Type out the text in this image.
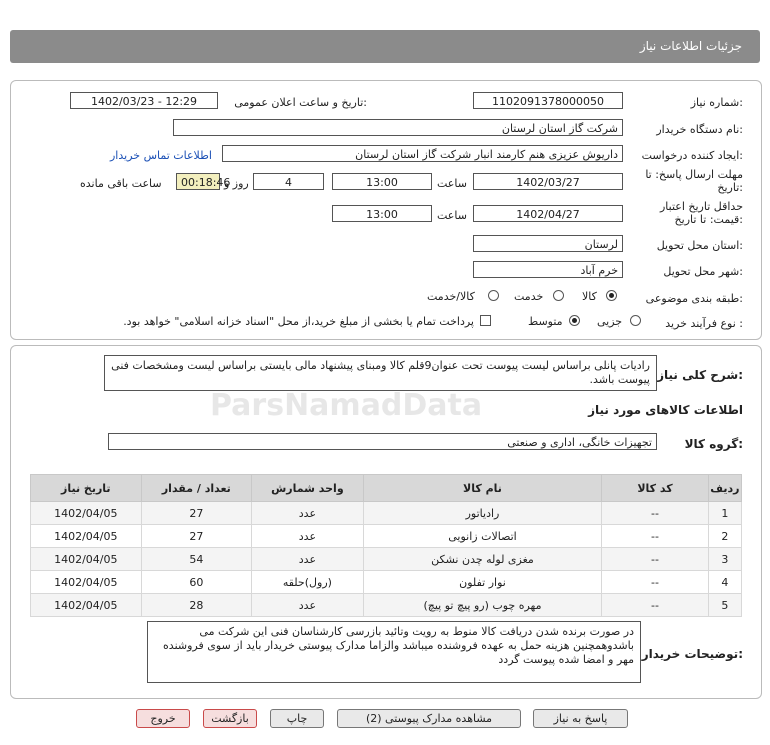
جزئیات اطلاعات نیاز
شماره نیاز:
1102091378000050
تاریخ و ساعت اعلان عمومی:
1402/03/23 - 12:29
نام دستگاه خریدار:
شرکت گاز استان لرستان
ایجاد کننده درخواست:
داریوش عزیزی هنم کارمند انبار شرکت گاز استان لرستان
اطلاعات تماس خریدار
مهلت ارسال پاسخ: تا تاریخ:
1402/03/27
ساعت
13:00
4
روز و
00:18:46
ساعت باقی مانده
حداقل تاریخ اعتبار قیمت: تا تاریخ:
1402/04/27
ساعت
13:00
استان محل تحویل:
لرستان
شهر محل تحویل:
خرم آباد
طبقه بندی موضوعی:
کالا
خدمت
کالا/خدمت
نوع فرآیند خرید :
جزیی
متوسط
پرداخت تمام یا بخشی از مبلغ خرید،از محل "اسناد خزانه اسلامی" خواهد بود.
شرح کلی نیاز:
رادیات پانلی براساس لیست پیوست تحت عنوان9قلم کالا ومبنای پیشنهاد مالی بایستی براساس لیست ومشخصات فنی پیوست باشد.
اطلاعات کالاهای مورد نیاز
ParsNamadData
گروه کالا:
تجهیزات خانگی، اداری و صنعتی
ردیف	کد کالا	نام کالا	واحد شمارش	تعداد / مقدار	تاریخ نیاز
1	--	رادیاتور	عدد	27	1402/04/05
2	--	اتصالات زانویی	عدد	27	1402/04/05
3	--	مغزی لوله چدن نشکن	عدد	54	1402/04/05
4	--	نوار تفلون	(رول)حلقه	60	1402/04/05
5	--	مهره چوب (رو پیچ تو پیچ)	عدد	28	1402/04/05
توضیحات خریدار:
در صورت برنده شدن دریافت کالا منوط به رویت وتائید بازرسی کارشناسان فنی این شرکت می باشدوهمچنین هزینه حمل به عهده فروشنده میباشد والزاما مدارک پیوستی خریدار باید از سوی فروشنده مهر و امضا شده پیوست گردد
پاسخ به نیاز
مشاهده مدارک پیوستی (2)
چاپ
بازگشت
خروج
